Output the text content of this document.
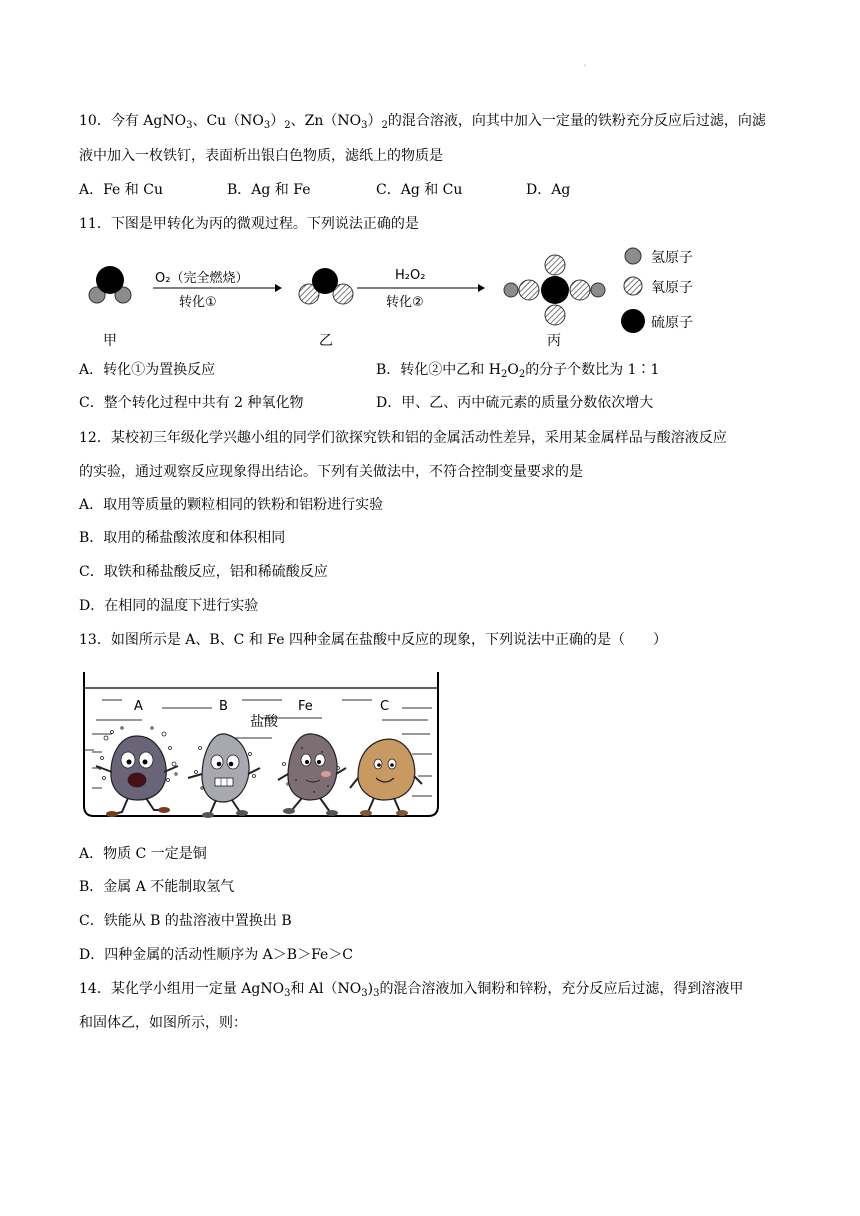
'
10．今有 AgNO$_3$、$Cu(NO_3)_2$、$Zn(NO_3)_2$的混合溶液，向其中加入一定量的铁粉充分反应后过滤，向滤
液中加入一枚铁钉，表面析出银白色物质，滤纸上的物质是
A．Fe 和 Cu	B．Ag 和 Fe	C．Ag 和 Cu	D．Ag
11．下图是甲转化为丙的微观过程。下列说法正确的是
甲
O₂（完全燃烧）
转化①
乙
H₂O₂
转化②
丙
氢原子
氧原子
硫原子
A．转化①为置换反应	B．转化②中乙和 $H_2O_2$的分子个数比为 1∶1
C．整个转化过程中共有 2 种氧化物	D．甲、乙、丙中硫元素的质量分数依次增大
12．某校初三年级化学兴趣小组的同学们欲探究铁和铝的金属活动性差异，采用某金属样品与酸溶液反应
的实验，通过观察反应现象得出结论。下列有关做法中，不符合控制变量要求的是
A．取用等质量的颗粒相同的铁粉和铝粉进行实验
B．取用的稀盐酸浓度和体积相同
C．取铁和稀盐酸反应，铝和稀硫酸反应
D．在相同的温度下进行实验
13．如图所示是 A、B、C 和 Fe 四种金属在盐酸中反应的现象，下列说法中正确的是（　　）
A	B	Fe	C
盐酸
A．物质 C 一定是铜
B．金属 A 不能制取氢气
C．铁能从 B 的盐溶液中置换出 B
D．四种金属的活动性顺序为 A＞B＞Fe＞C
14．某化学小组用一定量 AgNO$_3$和 $Al(NO_3)_3$的混合溶液加入铜粉和锌粉，充分反应后过滤，得到溶液甲
和固体乙，如图所示，则：
